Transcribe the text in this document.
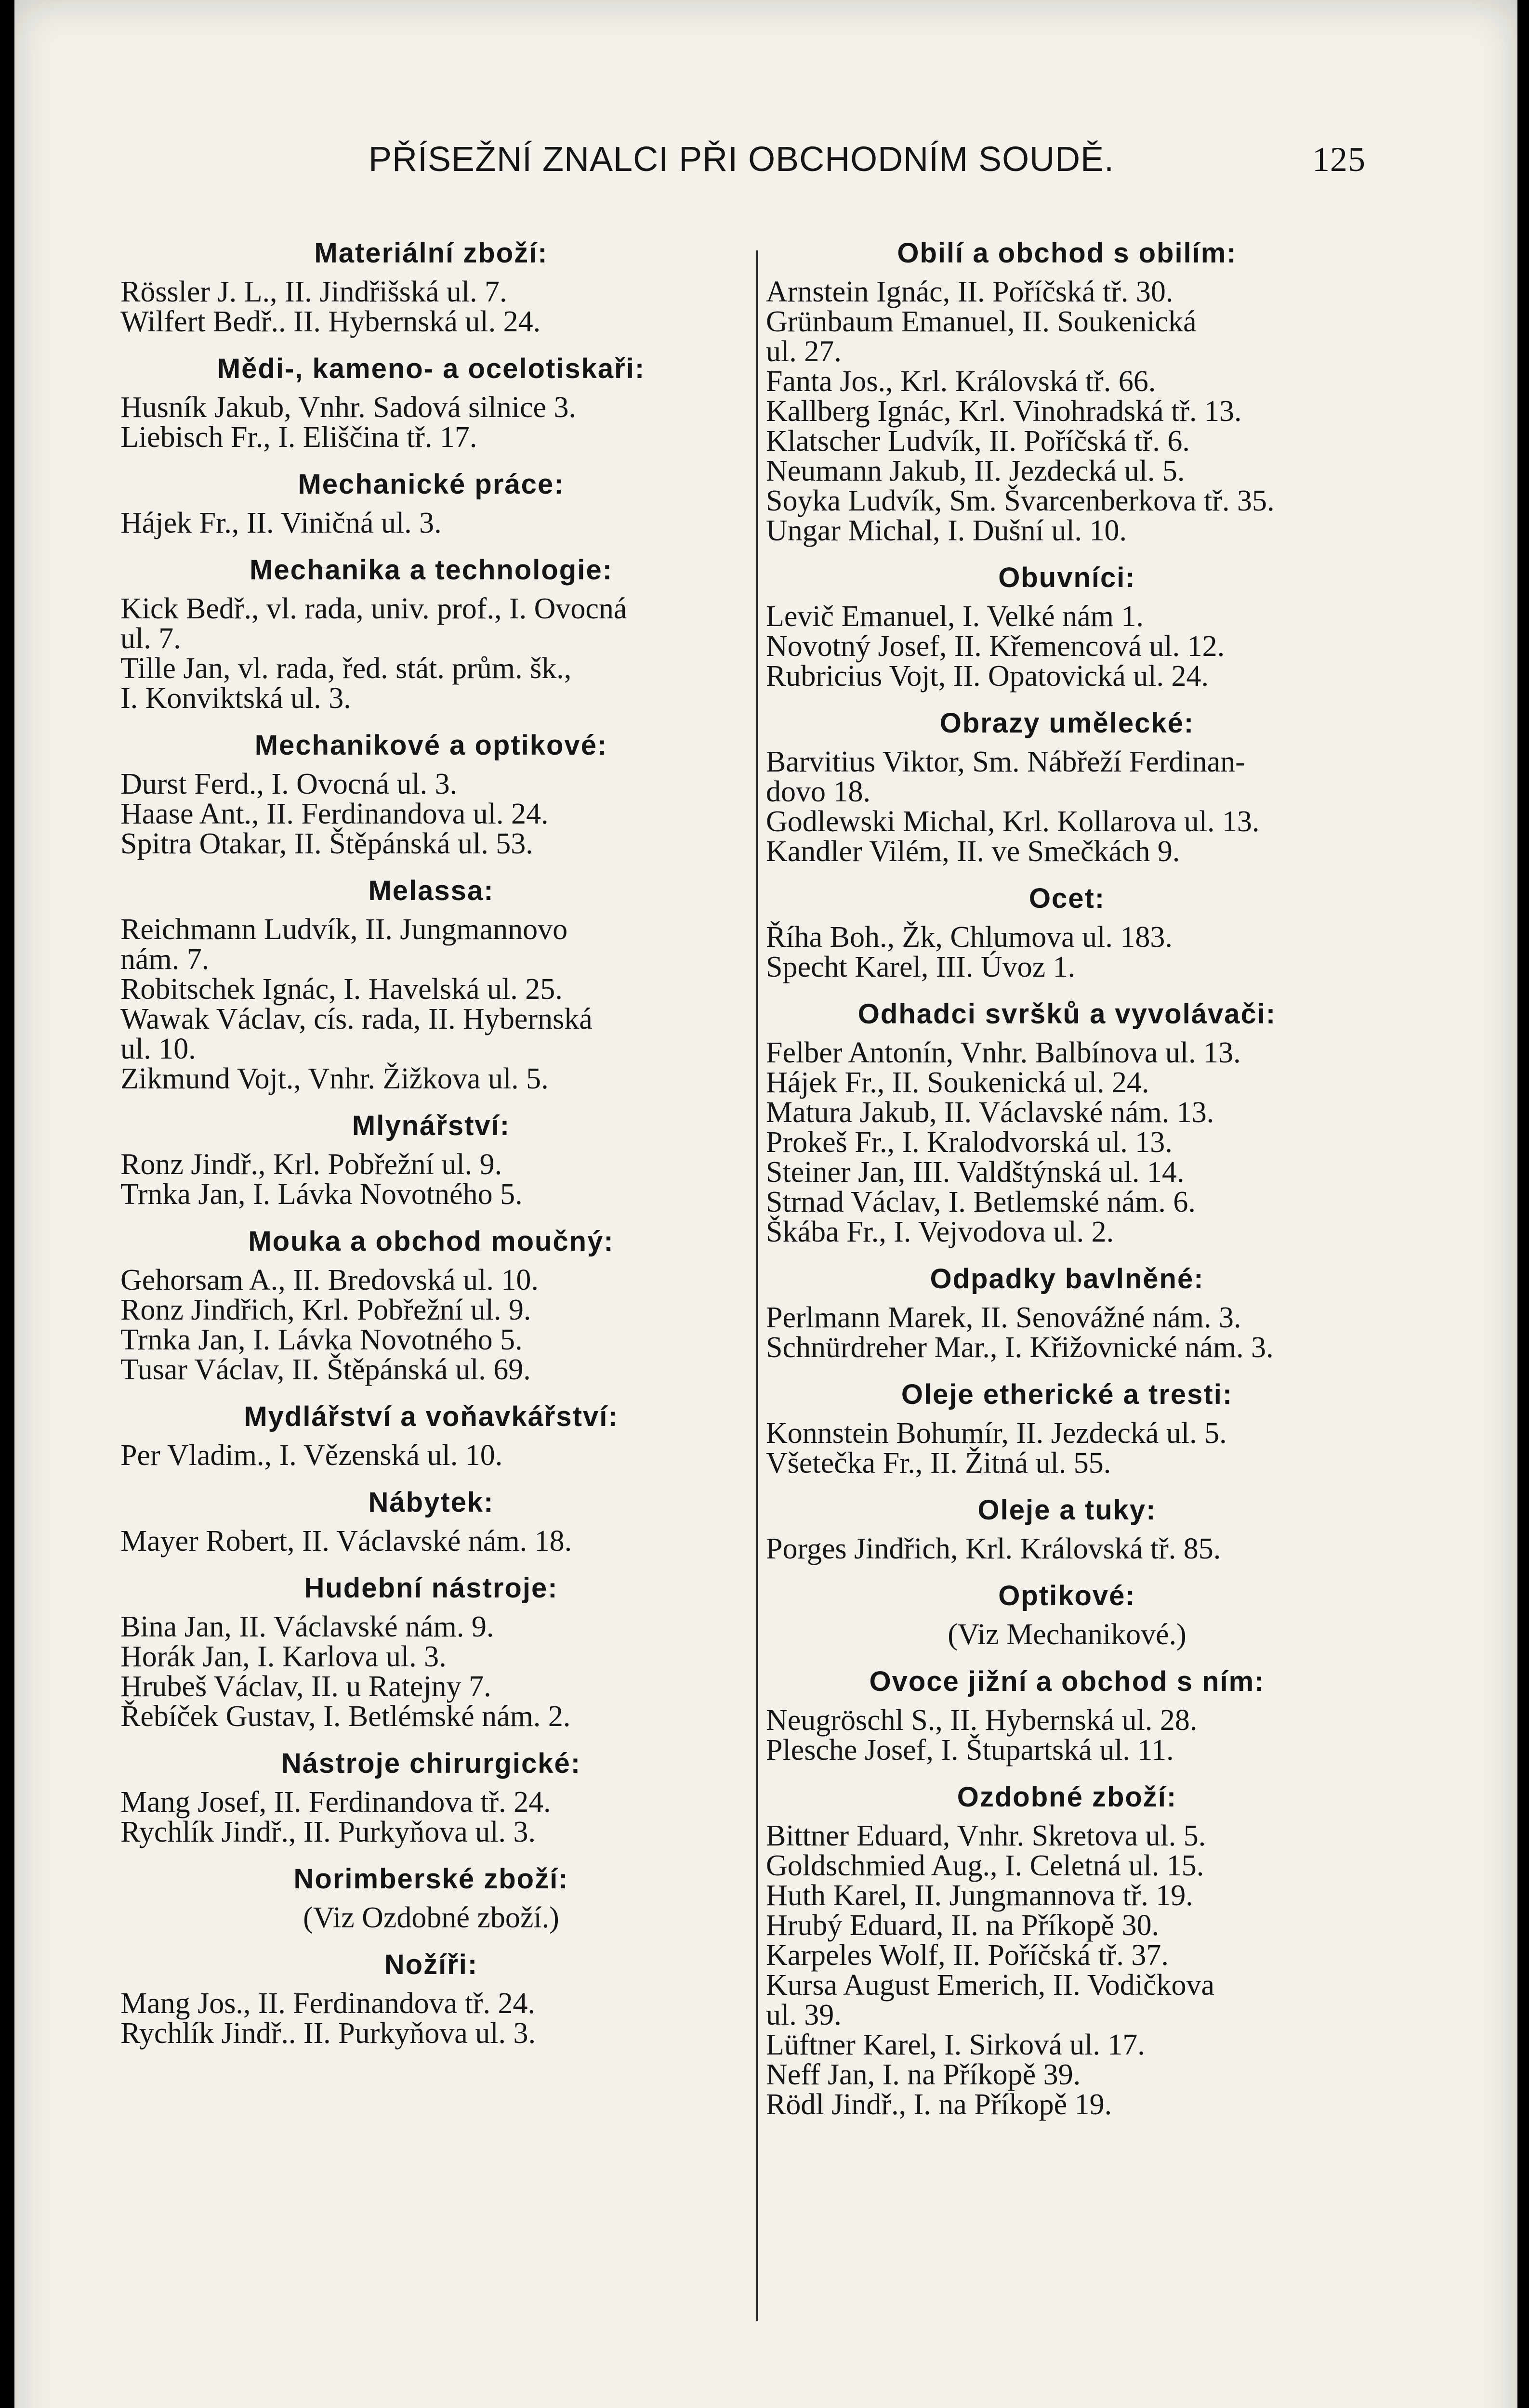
PŘÍSEŽNÍ ZNALCI PŘI OBCHODNÍM SOUDĚ.	125
Materiální zboží:
Rössler J. L., II. Jindřišská ul. 7.
Wilfert Bedř.. II. Hybernská ul. 24.
Mědi-, kameno- a ocelotiskaři:
Husník Jakub, Vnhr. Sadová silnice 3.
Liebisch Fr., I. Eliščina tř. 17.
Mechanické práce:
Hájek Fr., II. Viničná ul. 3.
Mechanika a technologie:
Kick Bedř., vl. rada, univ. prof., I. Ovocná
ul. 7.
Tille Jan, vl. rada, řed. stát. prům. šk.,
I. Konviktská ul. 3.
Mechanikové a optikové:
Durst Ferd., I. Ovocná ul. 3.
Haase Ant., II. Ferdinandova ul. 24.
Spitra Otakar, II. Štěpánská ul. 53.
Melassa:
Reichmann Ludvík, II. Jungmannovo
nám. 7.
Robitschek Ignác, I. Havelská ul. 25.
Wawak Václav, cís. rada, II. Hybernská
ul. 10.
Zikmund Vojt., Vnhr. Žižkova ul. 5.
Mlynářství:
Ronz Jindř., Krl. Pobřežní ul. 9.
Trnka Jan, I. Lávka Novotného 5.
Mouka a obchod moučný:
Gehorsam A., II. Bredovská ul. 10.
Ronz Jindřich, Krl. Pobřežní ul. 9.
Trnka Jan, I. Lávka Novotného 5.
Tusar Václav, II. Štěpánská ul. 69.
Mydlářství a voňavkářství:
Per Vladim., I. Vězenská ul. 10.
Nábytek:
Mayer Robert, II. Václavské nám. 18.
Hudební nástroje:
Bina Jan, II. Václavské nám. 9.
Horák Jan, I. Karlova ul. 3.
Hrubeš Václav, II. u Ratejny 7.
Řebíček Gustav, I. Betlémské nám. 2.
Nástroje chirurgické:
Mang Josef, II. Ferdinandova tř. 24.
Rychlík Jindř., II. Purkyňova ul. 3.
Norimberské zboží:
(Viz Ozdobné zboží.)
Nožíři:
Mang Jos., II. Ferdinandova tř. 24.
Rychlík Jindř.. II. Purkyňova ul. 3.
Obilí a obchod s obilím:
Arnstein Ignác, II. Poříčská tř. 30.
Grünbaum Emanuel, II. Soukenická
ul. 27.
Fanta Jos., Krl. Královská tř. 66.
Kallberg Ignác, Krl. Vinohradská tř. 13.
Klatscher Ludvík, II. Poříčská tř. 6.
Neumann Jakub, II. Jezdecká ul. 5.
Soyka Ludvík, Sm. Švarcenberkova tř. 35.
Ungar Michal, I. Dušní ul. 10.
Obuvníci:
Levič Emanuel, I. Velké nám 1.
Novotný Josef, II. Křemencová ul. 12.
Rubricius Vojt, II. Opatovická ul. 24.
Obrazy umělecké:
Barvitius Viktor, Sm. Nábřeží Ferdinan-
dovo 18.
Godlewski Michal, Krl. Kollarova ul. 13.
Kandler Vilém, II. ve Smečkách 9.
Ocet:
Říha Boh., Žk, Chlumova ul. 183.
Specht Karel, III. Úvoz 1.
Odhadci svršků a vyvolávači:
Felber Antonín, Vnhr. Balbínova ul. 13.
Hájek Fr., II. Soukenická ul. 24.
Matura Jakub, II. Václavské nám. 13.
Prokeš Fr., I. Kralodvorská ul. 13.
Steiner Jan, III. Valdštýnská ul. 14.
Strnad Václav, I. Betlemské nám. 6.
Škába Fr., I. Vejvodova ul. 2.
Odpadky bavlněné:
Perlmann Marek, II. Senovážné nám. 3.
Schnürdreher Mar., I. Křižovnické nám. 3.
Oleje etherické a tresti:
Konnstein Bohumír, II. Jezdecká ul. 5.
Všetečka Fr., II. Žitná ul. 55.
Oleje a tuky:
Porges Jindřich, Krl. Královská tř. 85.
Optikové:
(Viz Mechanikové.)
Ovoce jižní a obchod s ním:
Neugröschl S., II. Hybernská ul. 28.
Plesche Josef, I. Štupartská ul. 11.
Ozdobné zboží:
Bittner Eduard, Vnhr. Skretova ul. 5.
Goldschmied Aug., I. Celetná ul. 15.
Huth Karel, II. Jungmannova tř. 19.
Hrubý Eduard, II. na Příkopě 30.
Karpeles Wolf, II. Poříčská tř. 37.
Kursa August Emerich, II. Vodičkova
ul. 39.
Lüftner Karel, I. Sirková ul. 17.
Neff Jan, I. na Příkopě 39.
Rödl Jindř., I. na Příkopě 19.
